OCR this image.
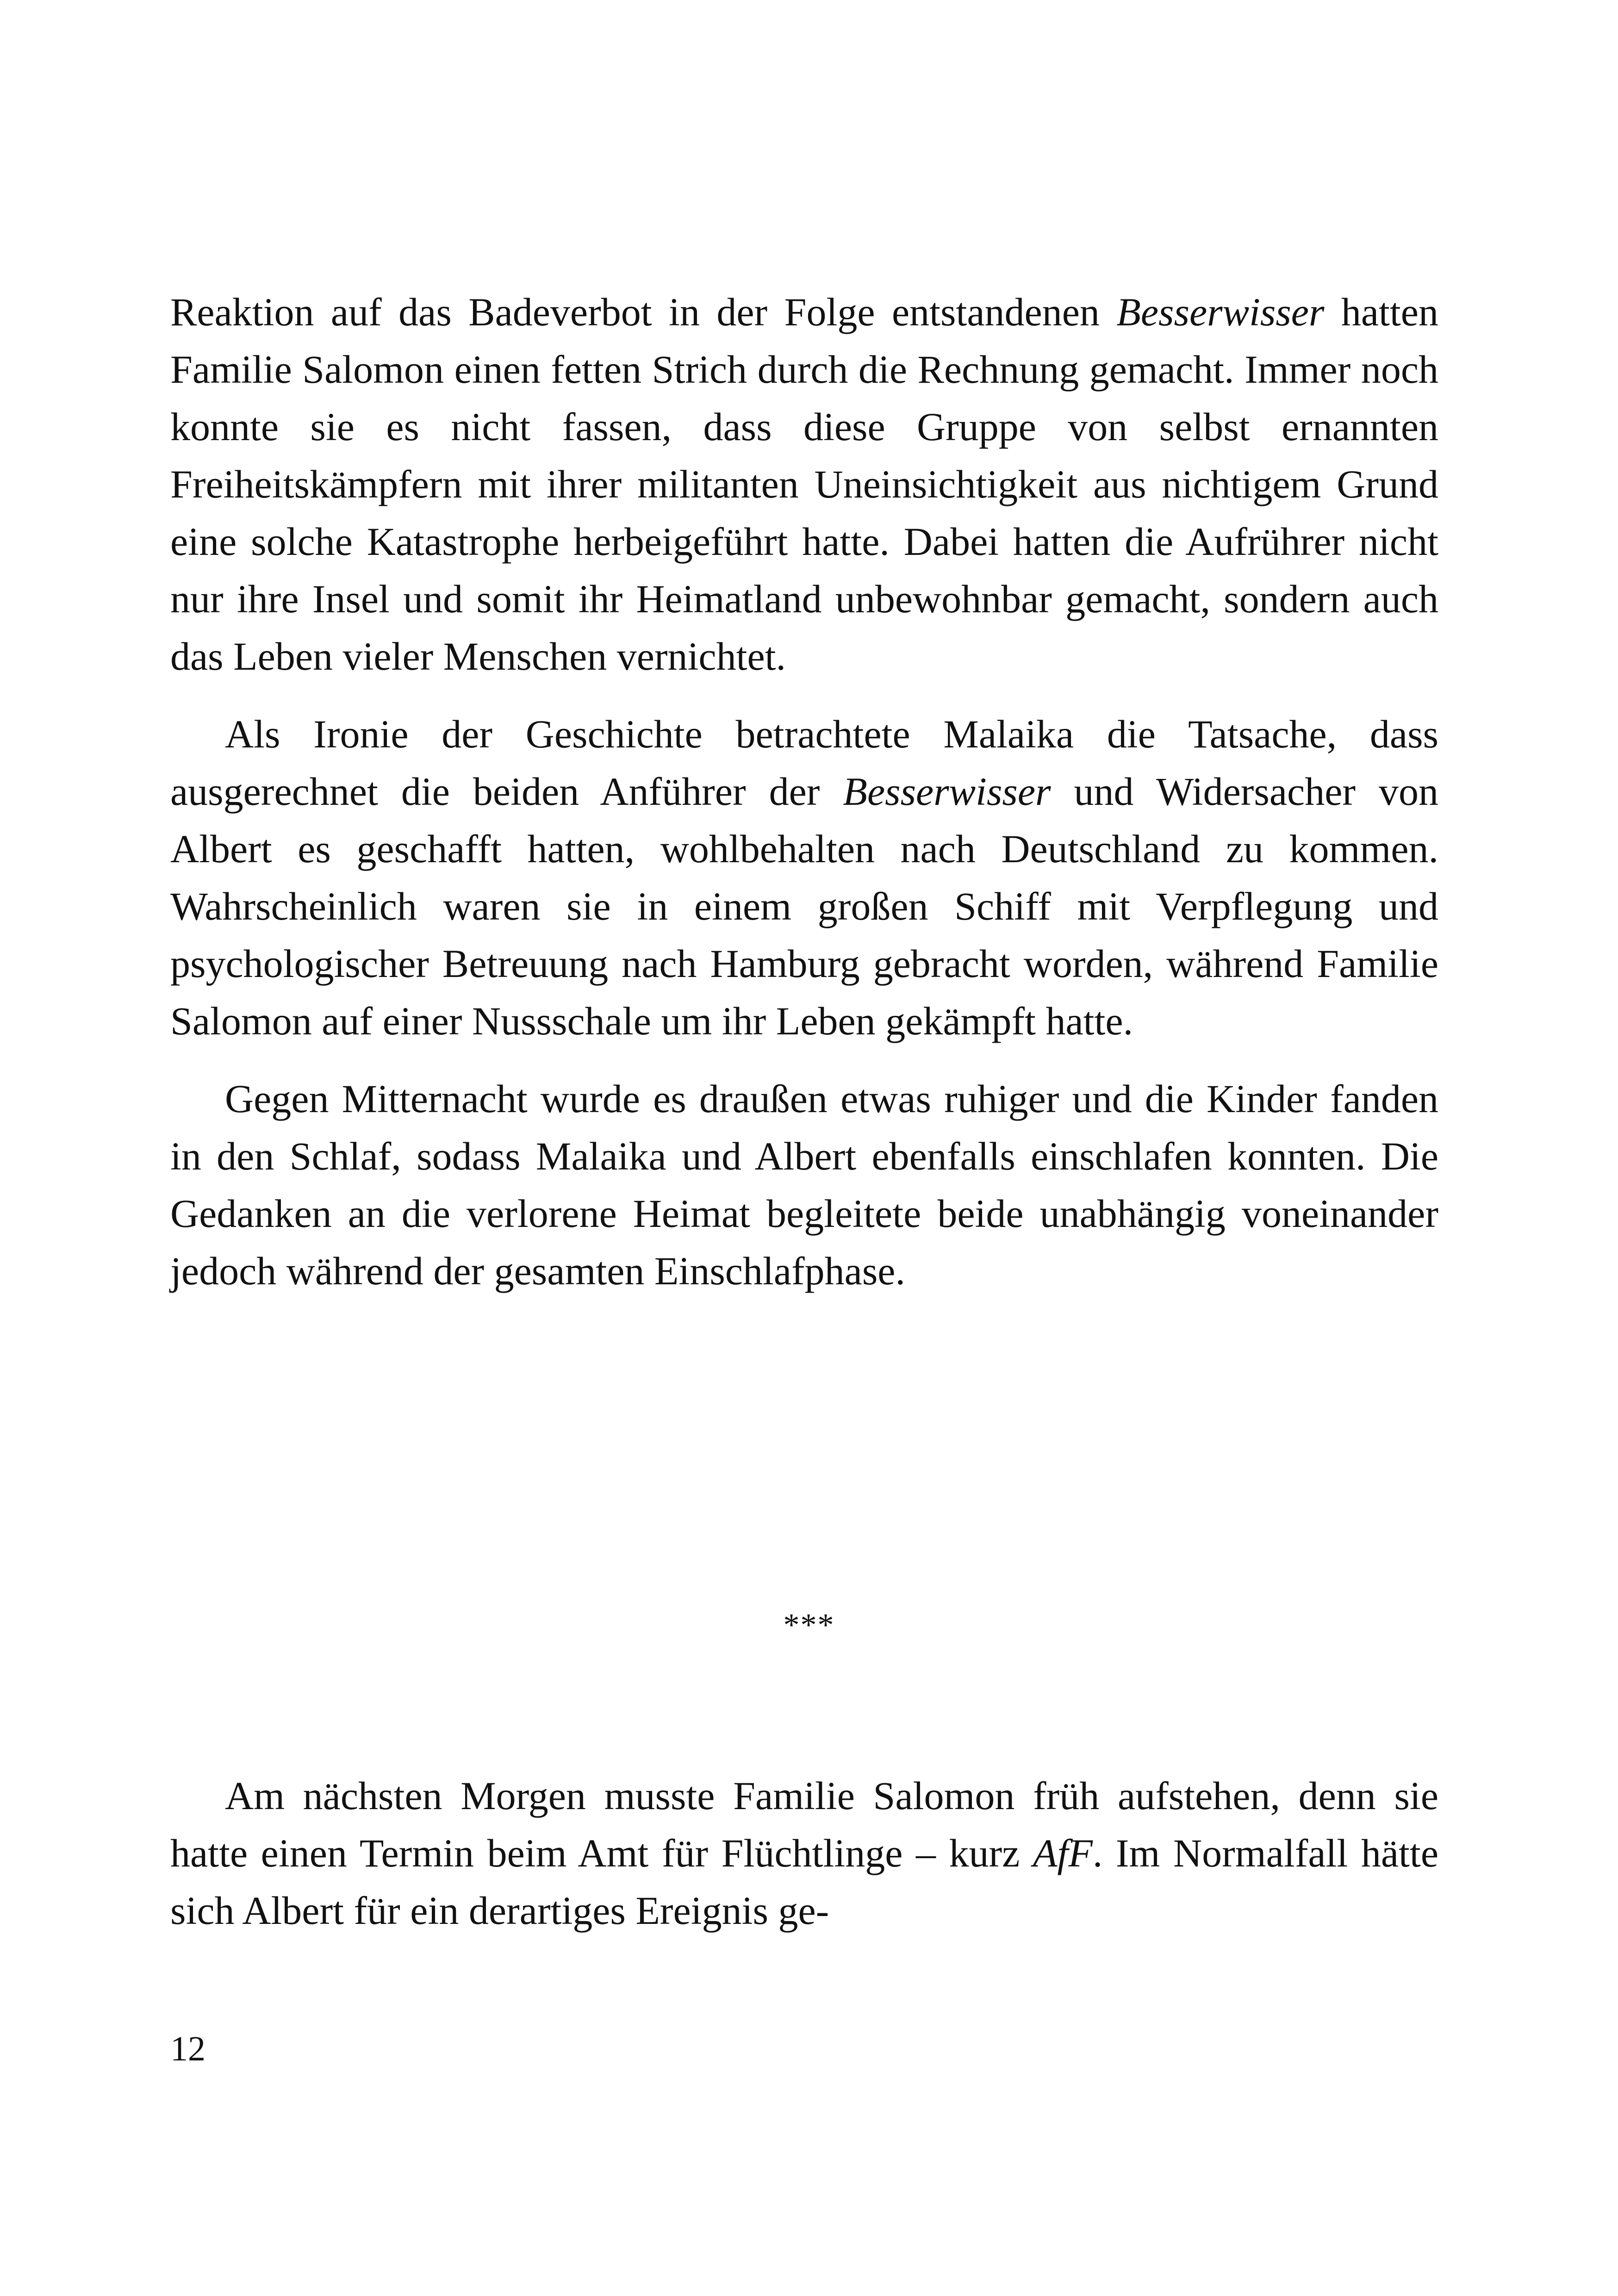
Reaktion auf das Badeverbot in der Folge entstandenen Besserwisser hatten Familie Salomon einen fetten Strich durch die Rechnung gemacht. Immer noch konnte sie es nicht fassen, dass diese Gruppe von selbst ernannten Freiheitskämpfern mit ihrer militanten Uneinsichtigkeit aus nichtigem Grund eine solche Katastrophe herbeigeführt hatte. Dabei hatten die Aufrührer nicht nur ihre Insel und somit ihr Heimatland unbewohnbar gemacht, sondern auch das Leben vieler Menschen vernichtet.

Als Ironie der Geschichte betrachtete Malaika die Tatsache, dass ausgerechnet die beiden Anführer der Besserwisser und Widersacher von Albert es geschafft hatten, wohlbehalten nach Deutschland zu kommen. Wahrscheinlich waren sie in einem großen Schiff mit Verpflegung und psychologischer Betreuung nach Hamburg gebracht worden, während Familie Salomon auf einer Nussschale um ihr Leben gekämpft hatte.

Gegen Mitternacht wurde es draußen etwas ruhiger und die Kinder fanden in den Schlaf, sodass Malaika und Albert ebenfalls einschlafen konnten. Die Gedanken an die verlorene Heimat begleitete beide unabhängig voneinander jedoch während der gesamten Einschlafphase.

***

Am nächsten Morgen musste Familie Salomon früh aufstehen, denn sie hatte einen Termin beim Amt für Flüchtlinge – kurz AfF. Im Normalfall hätte sich Albert für ein derartiges Ereignis ge-

12
